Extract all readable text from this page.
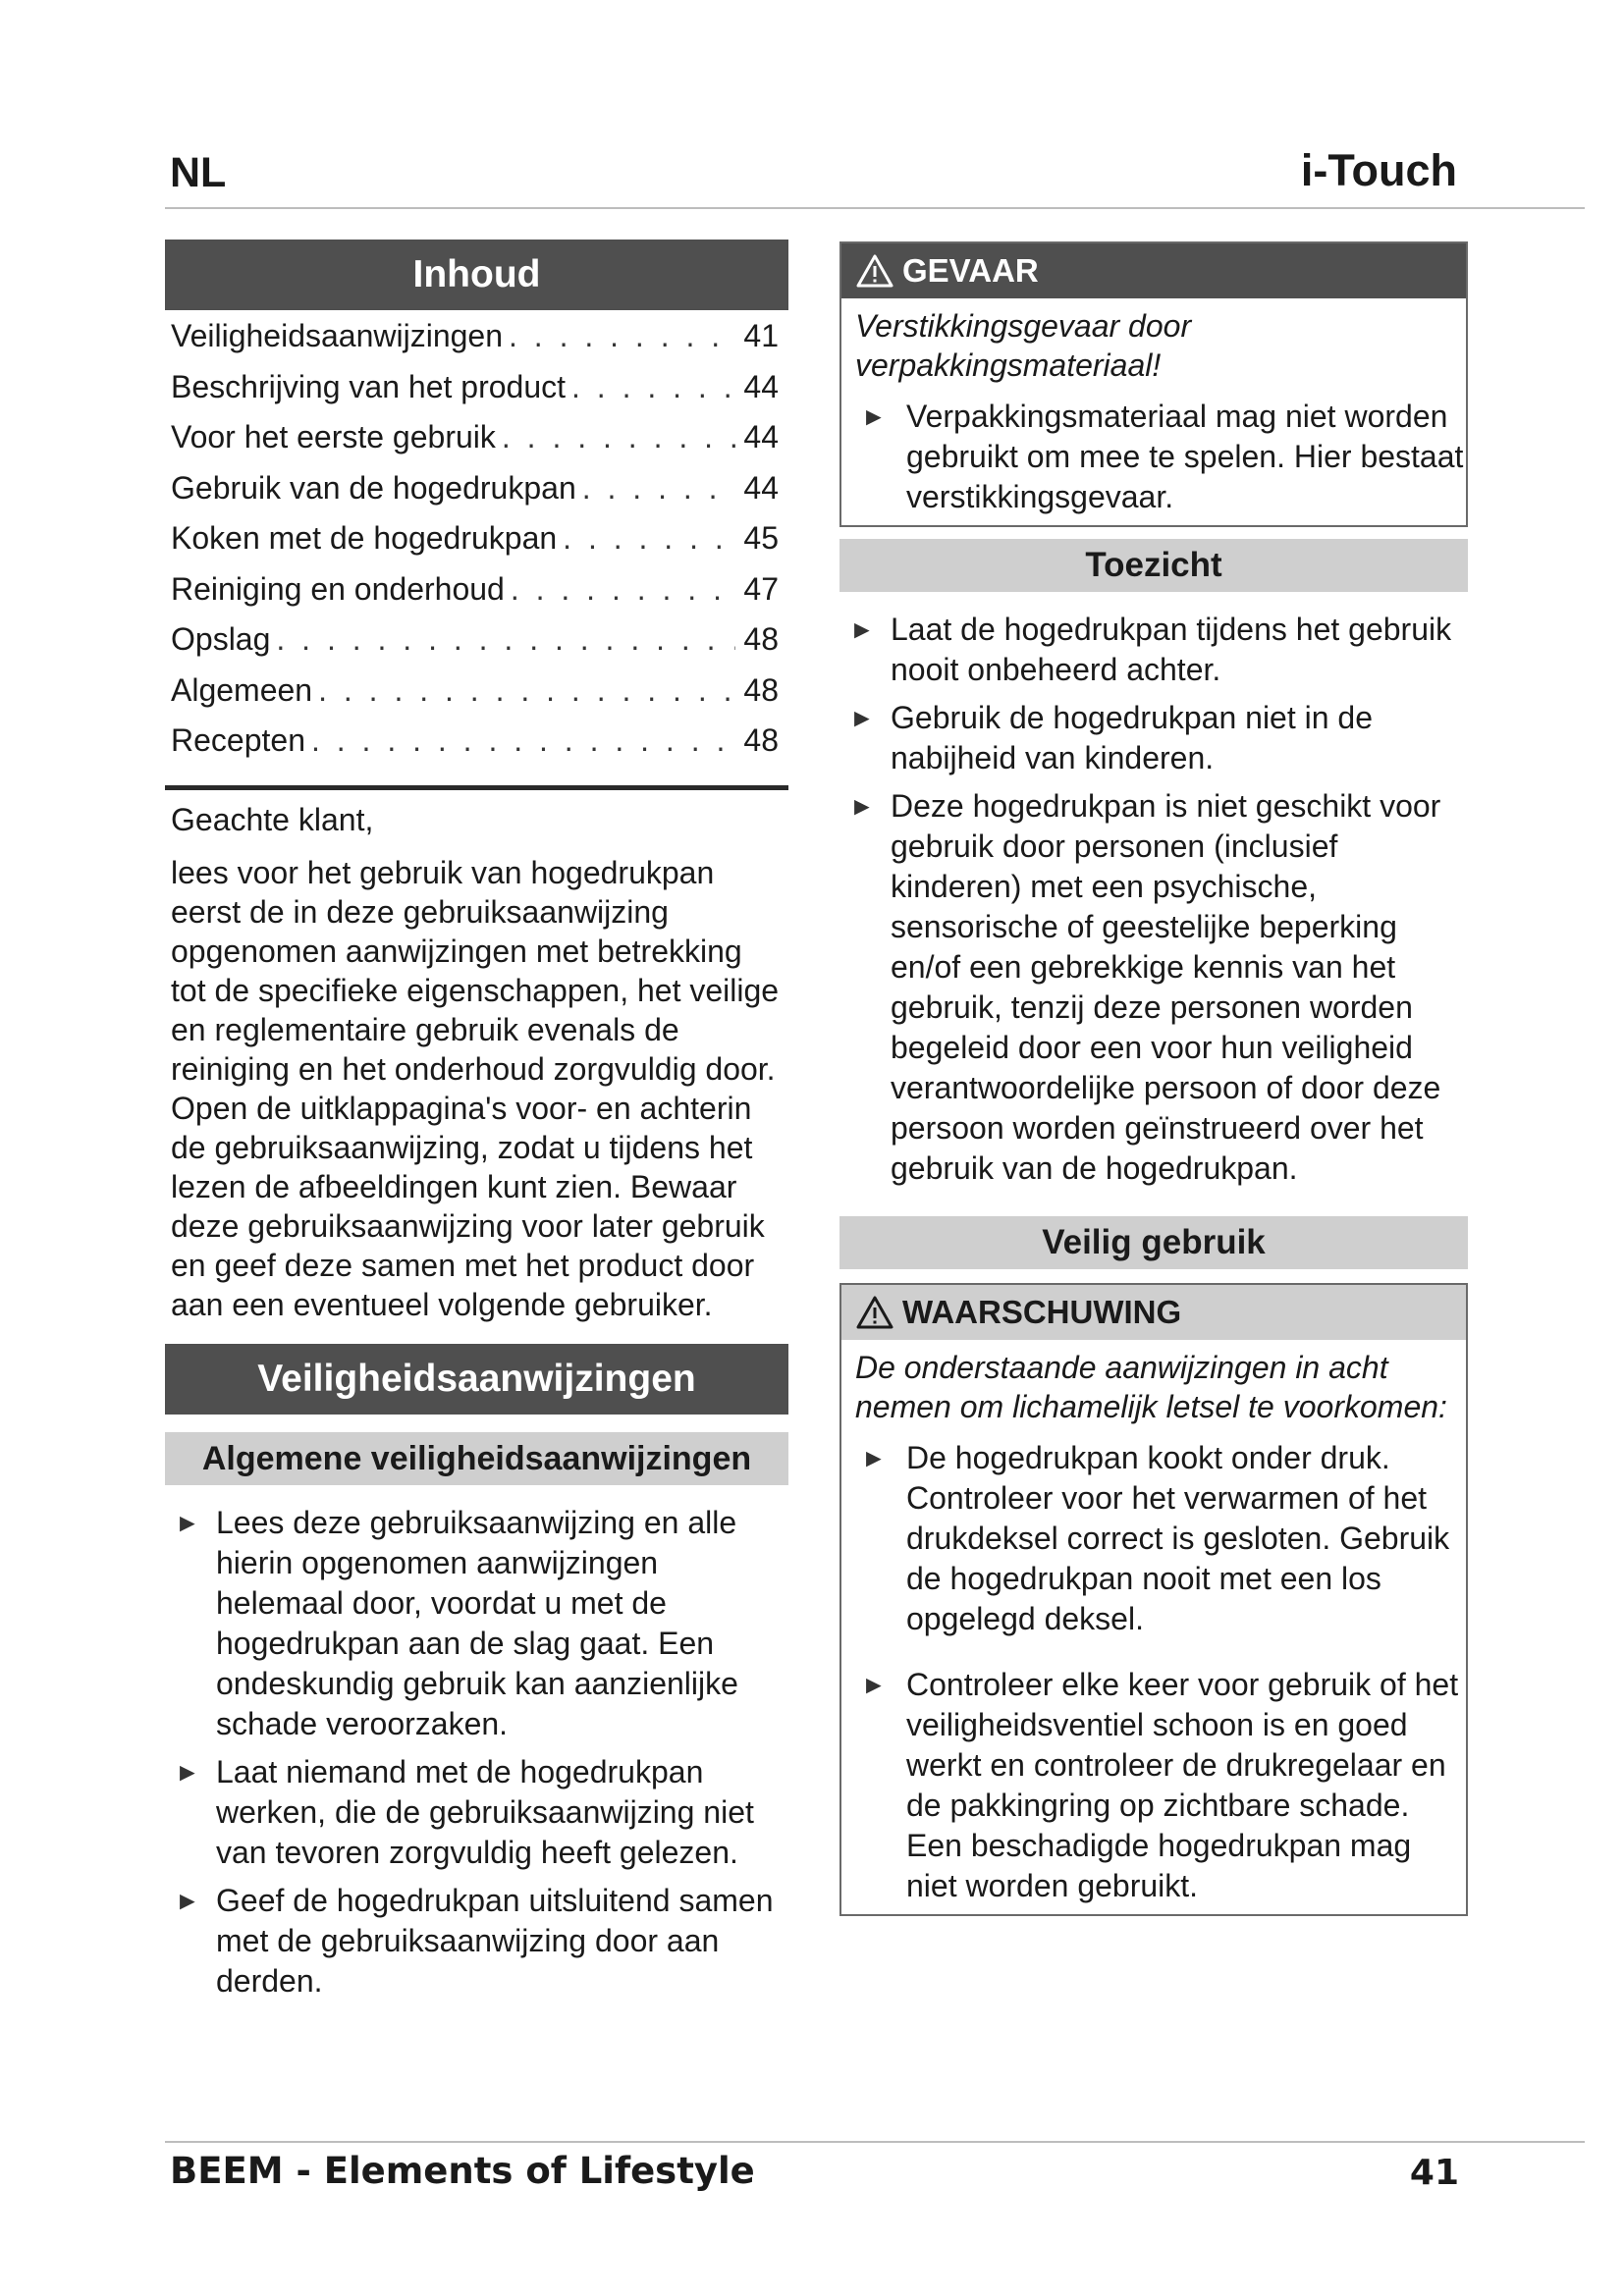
NL	i-Touch
Inhoud
Veiligheidsaanwijzingen . . .	41
Beschrijving van het product . . .	44
Voor het eerste gebruik . . .	44
Gebruik van de hogedrukpan . . .	44
Koken met de hogedrukpan . . .	45
Reiniging en onderhoud . . .	47
Opslag . . .	48
Algemeen . . .	48
Recepten . . .	48

Geachte klant,

lees voor het gebruik van hogedrukpan eerst de in deze gebruiksaanwijzing opgenomen aanwijzingen met betrekking tot de specifieke eigenschappen, het veilige en reglementaire gebruik evenals de reiniging en het onderhoud zorgvuldig door. Open de uitklappagina's voor- en achterin de gebruiksaanwijzing, zodat u tijdens het lezen de afbeeldingen kunt zien. Bewaar deze gebruiksaanwijzing voor later gebruik en geef deze samen met het product door aan een eventueel volgende gebruiker.

Veiligheidsaanwijzingen
Algemene veiligheidsaanwijzingen
► Lees deze gebruiksaanwijzing en alle hierin opgenomen aanwijzingen helemaal door, voordat u met de hogedrukpan aan de slag gaat. Een ondeskundig gebruik kan aanzienlijke schade veroorzaken.
► Laat niemand met de hogedrukpan werken, die de gebruiksaanwijzing niet van tevoren zorgvuldig heeft gelezen.
► Geef de hogedrukpan uitsluitend samen met de gebruiksaanwijzing door aan derden.
GEVAAR
Verstikkingsgevaar door verpakkingsmateriaal!
► Verpakkingsmateriaal mag niet worden gebruikt om mee te spelen. Hier bestaat verstikkingsgevaar.
Toezicht
► Laat de hogedrukpan tijdens het gebruik nooit onbeheerd achter.
► Gebruik de hogedrukpan niet in de nabijheid van kinderen.
► Deze hogedrukpan is niet geschikt voor gebruik door personen (inclusief kinderen) met een psychische, sensorische of geestelijke beperking en/of een gebrekkige kennis van het gebruik, tenzij deze personen worden begeleid door een voor hun veiligheid verantwoordelijke persoon of door deze persoon worden geïnstrueerd over het gebruik van de hogedrukpan.
Veilig gebruik
WAARSCHUWING
De onderstaande aanwijzingen in acht nemen om lichamelijk letsel te voorkomen:
► De hogedrukpan kookt onder druk. Controleer voor het verwarmen of het drukdeksel correct is gesloten. Gebruik de hogedrukpan nooit met een los opgelegd deksel.
► Controleer elke keer voor gebruik of het veiligheidsventiel schoon is en goed werkt en controleer de drukregelaar en de pakkingring op zichtbare schade. Een beschadigde hogedrukpan mag niet worden gebruikt.
BEEM - Elements of Lifestyle	41
